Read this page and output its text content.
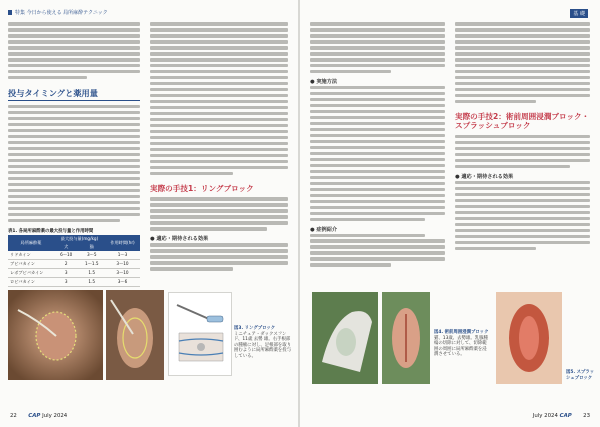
特集 今日から使える 局所麻酔テクニック
投与タイミングと薬用量
表1. 各局所麻酔薬の最大投与量と作用時間
局所麻酔薬	最大投与量(mg/kg)		作用時間(hr)
	犬	猫	
リドカイン	6〜10	3〜5	1〜3
ブピバカイン	2	1〜1.5	3〜10
レボブピバカイン	3	1.5	3〜10
ロピバカイン	3	1.5	3〜6
実際の手技1：リングブロック
● 適応・期待される効果
図3. リングブロック
ミニチュア・ダックスフンド、11歳 去勢 雄。右手根部の腫瘤に対し、足根部を取り囲むように局所麻酔薬を投与している。
22 CAP July 2024
基 礎
● 実施方法
● 症例紹介
実際の手技2：術前周囲浸潤ブロック・スプラッシュブロック
● 適応・期待される効果
図4. 術前周囲浸潤ブロック
猫、13歳、去勢雄。乳腺腫瘍の切除に対して、切除範囲の周囲に局所麻酔薬を浸潤させている。
図5. スプラッシュブロック
July 2024 CAP 23
